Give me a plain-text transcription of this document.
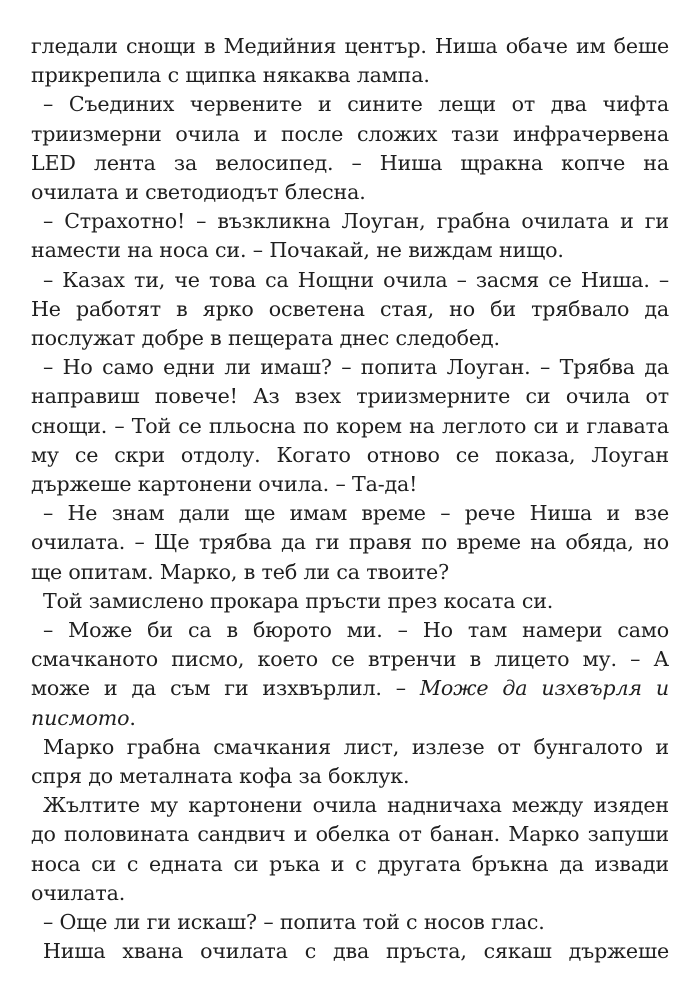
гледали снощи в Медийния център. Ниша обаче им беше прикрепила с щипка някаква лампа.

– Съединих червените и сините лещи от два чифта триизмерни очила и после сложих тази инфрачервена LED лента за велосипед. – Ниша щракна копче на очилата и светодиодът блесна.

– Страхотно! – възкликна Лоуган, грабна очилата и ги намести на носа си. – Почакай, не виждам нищо.

– Казах ти, че това са Нощни очила – засмя се Ниша. – Не работят в ярко осветена стая, но би трябвало да послужат добре в пещерата днес следобед.

– Но само едни ли имаш? – попита Лоуган. – Трябва да направиш повече! Аз взех триизмерните си очила от снощи. – Той се пльосна по корем на леглото си и главата му се скри отдолу. Когато отново се показа, Лоуган държеше картонени очила. – Та-да!

– Не знам дали ще имам време – рече Ниша и взе очилата. – Ще трябва да ги правя по време на обяда, но ще опитам. Марко, в теб ли са твоите?

Той замислено прокара пръсти през косата си.

– Може би са в бюрото ми. – Но там намери само смачканото писмо, което се втренчи в лицето му. – А може и да съм ги изхвърлил. – Може да изхвърля и писмото.

Марко грабна смачкания лист, излезе от бунгалото и спря до металната кофа за боклук.

Жълтите му картонени очила надничаха между изяден до половината сандвич и обелка от банан. Марко запуши носа си с едната си ръка и с другата бръкна да извади очилата.

– Още ли ги искаш? – попита той с носов глас.

Ниша хвана очилата с два пръста, сякаш държеше
